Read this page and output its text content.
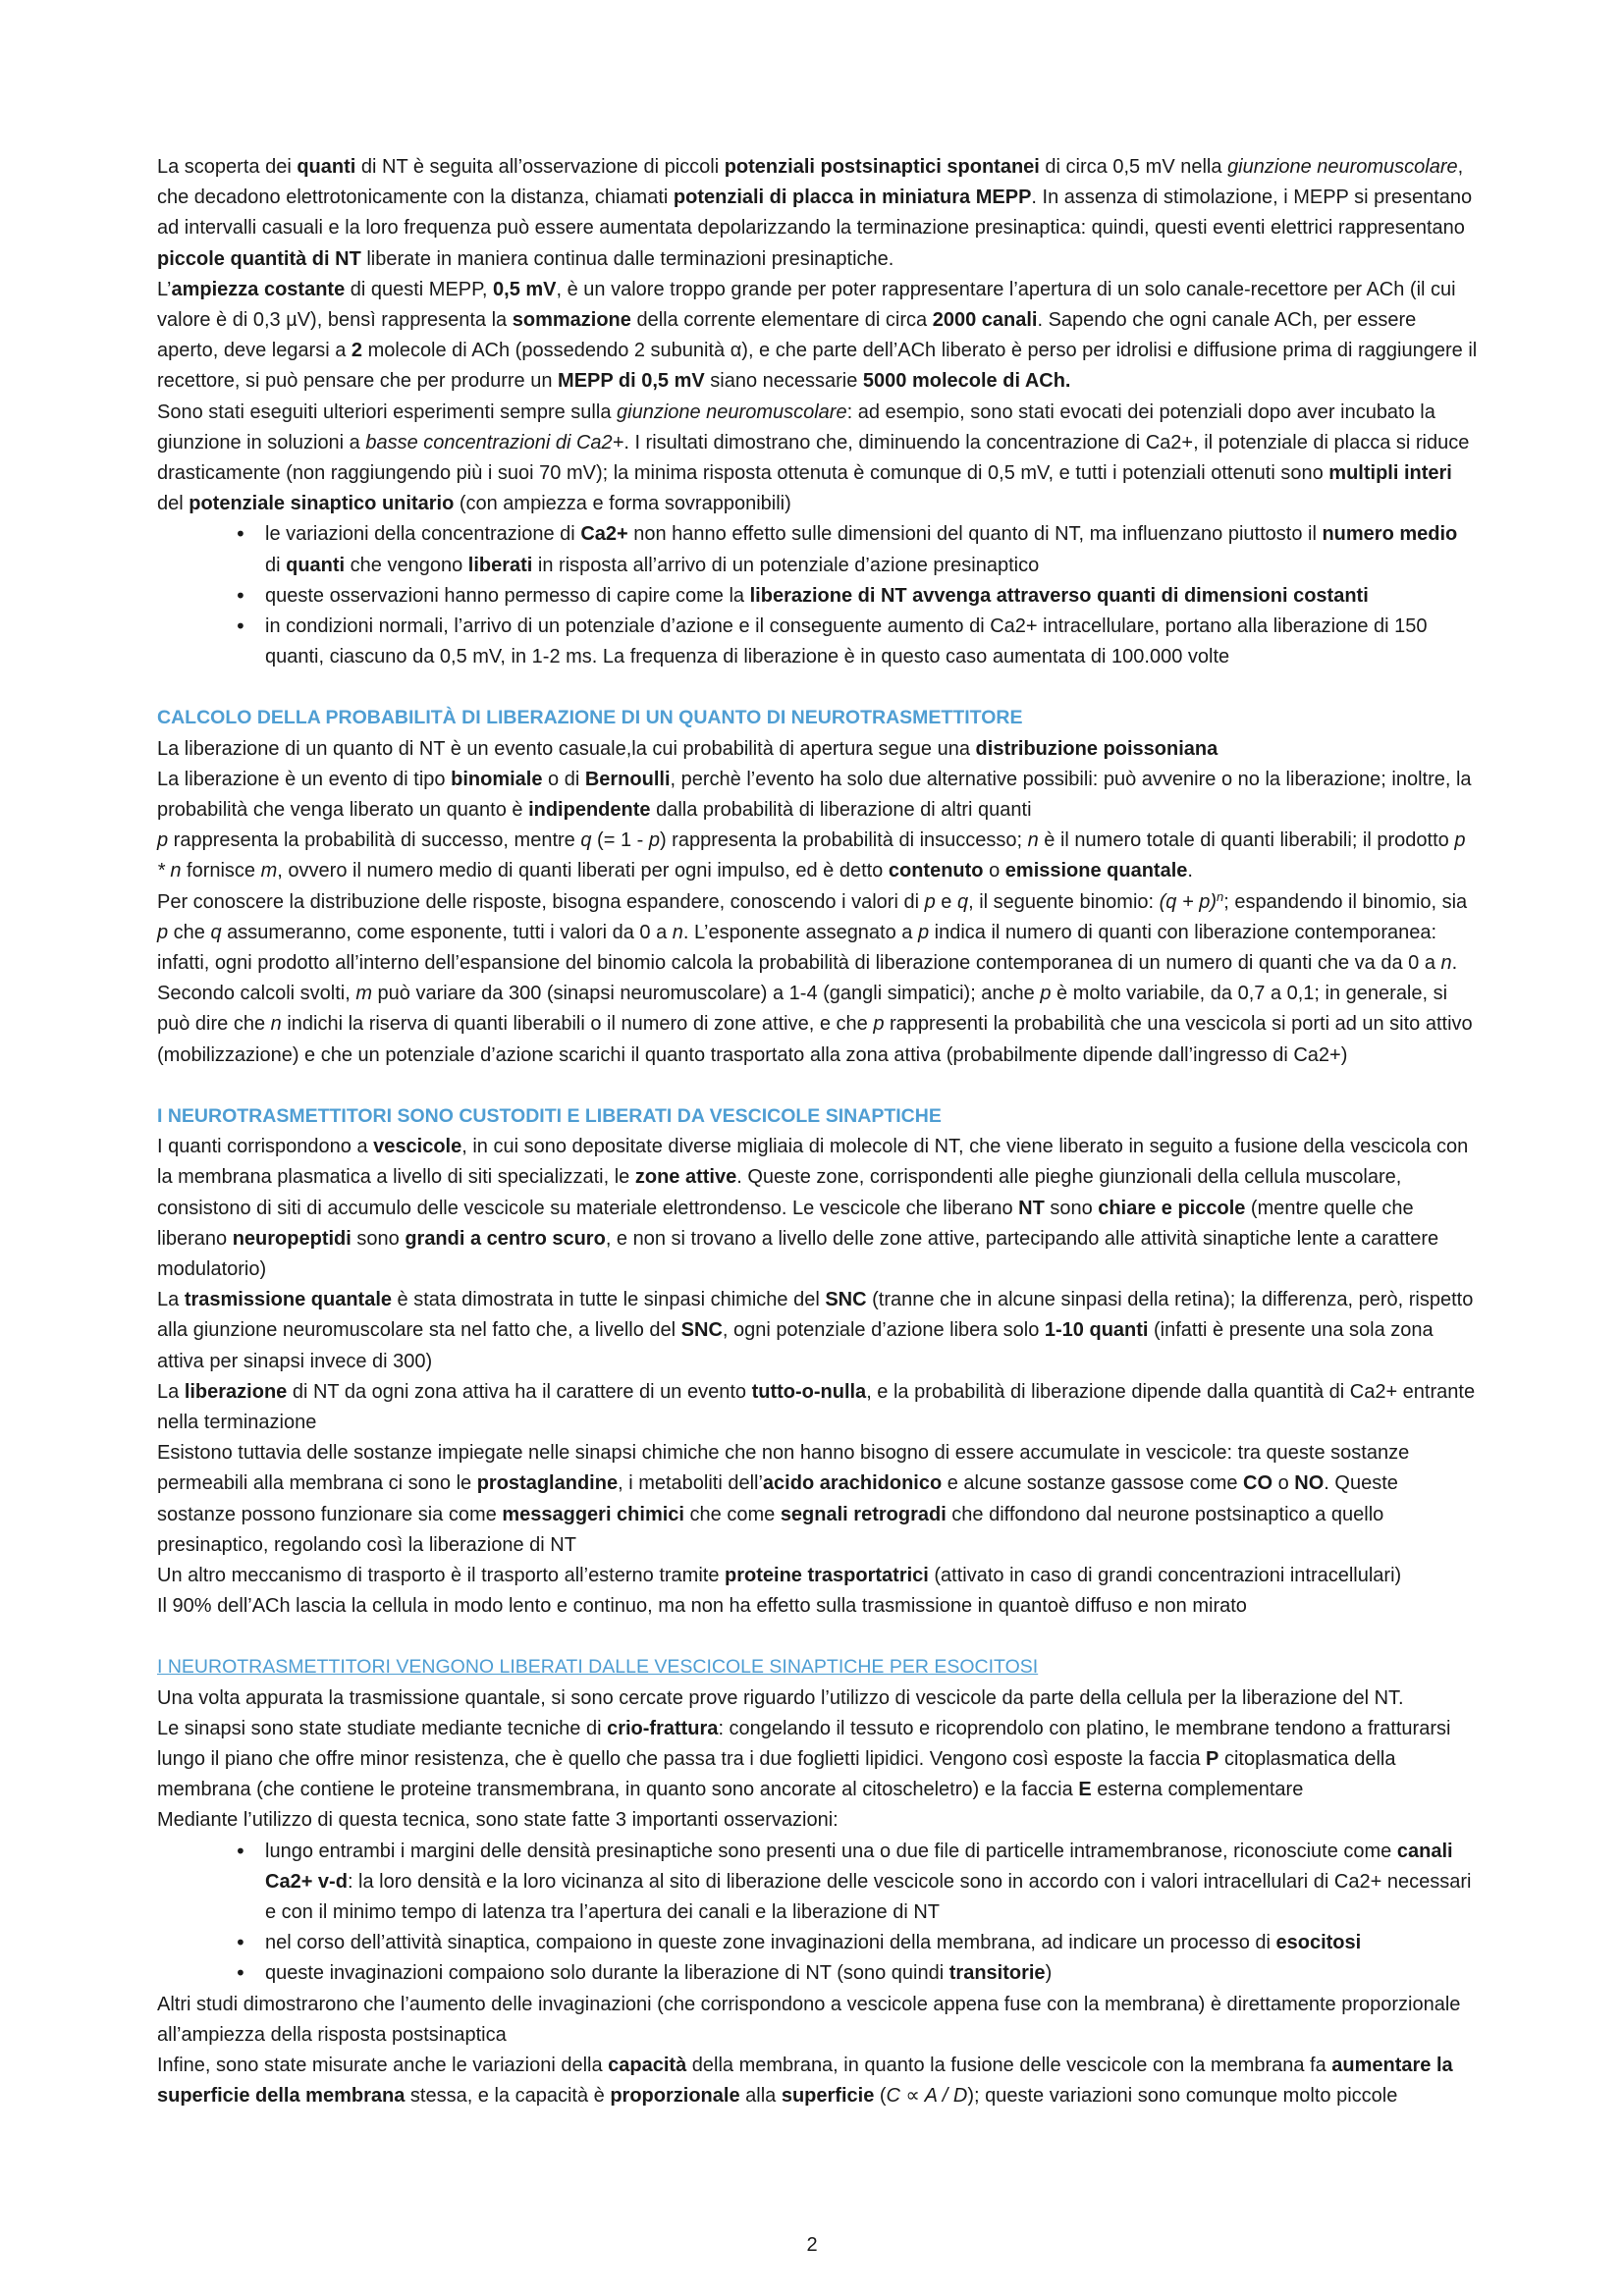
La scoperta dei quanti di NT è seguita all’osservazione di piccoli potenziali postsinaptici spontanei di circa 0,5 mV nella giunzione neuromuscolare, che decadono elettrotonicamente con la distanza, chiamati potenziali di placca in miniatura MEPP. In assenza di stimolazione, i MEPP si presentano ad intervalli casuali e la loro frequenza può essere aumentata depolarizzando la terminazione presinaptica: quindi, questi eventi elettrici rappresentano piccole quantità di NT liberate in maniera continua dalle terminazioni presinaptiche.

L’ampiezza costante di questi MEPP, 0,5 mV, è un valore troppo grande per poter rappresentare l’apertura di un solo canale-recettore per ACh (il cui valore è di 0,3 µV), bensì rappresenta la sommazione della corrente elementare di circa 2000 canali. Sapendo che ogni canale ACh, per essere aperto, deve legarsi a 2 molecole di ACh (possedendo 2 subunità α), e che parte dell’ACh liberato è perso per idrolisi e diffusione prima di raggiungere il recettore, si può pensare che per produrre un MEPP di 0,5 mV siano necessarie 5000 molecole di ACh.

Sono stati eseguiti ulteriori esperimenti sempre sulla giunzione neuromuscolare: ad esempio, sono stati evocati dei potenziali dopo aver incubato la giunzione in soluzioni a basse concentrazioni di Ca2+. I risultati dimostrano che, diminuendo la concentrazione di Ca2+, il potenziale di placca si riduce drasticamente (non raggiungendo più i suoi 70 mV); la minima risposta ottenuta è comunque di 0,5 mV, e tutti i potenziali ottenuti sono multipli interi del potenziale sinaptico unitario (con ampiezza e forma sovrapponibili)

• le variazioni della concentrazione di Ca2+ non hanno effetto sulle dimensioni del quanto di NT, ma influenzano piuttosto il numero medio di quanti che vengono liberati in risposta all’arrivo di un potenziale d’azione presinaptico
• queste osservazioni hanno permesso di capire come la liberazione di NT avvenga attraverso quanti di dimensioni costanti
• in condizioni normali, l’arrivo di un potenziale d’azione e il conseguente aumento di Ca2+ intracellulare, portano alla liberazione di 150 quanti, ciascuno da 0,5 mV, in 1-2 ms. La frequenza di liberazione è in questo caso aumentata di 100.000 volte
CALCOLO DELLA PROBABILITÀ DI LIBERAZIONE DI UN QUANTO DI NEUROTRASMETTITORE

La liberazione di un quanto di NT è un evento casuale,la cui probabilità di apertura segue una distribuzione poissoniana

La liberazione è un evento di tipo binomiale o di Bernoulli, perchè l’evento ha solo due alternative possibili: può avvenire o no la liberazione; inoltre, la probabilità che venga liberato un quanto è indipendente dalla probabilità di liberazione di altri quanti

p rappresenta la probabilità di successo, mentre q (= 1 - p) rappresenta la probabilità di insuccesso; n è il numero totale di quanti liberabili; il prodotto p * n fornisce m, ovvero il numero medio di quanti liberati per ogni impulso, ed è detto contenuto o emissione quantale.

Per conoscere la distribuzione delle risposte, bisogna espandere, conoscendo i valori di p e q, il seguente binomio: $(q + p)^n$; espandendo il binomio, sia p che q assumeranno, come esponente, tutti i valori da 0 a n. L’esponente assegnato a p indica il numero di quanti con liberazione contemporanea: infatti, ogni prodotto all’interno dell’espansione del binomio calcola la probabilità di liberazione contemporanea di un numero di quanti che va da 0 a n.

Secondo calcoli svolti, m può variare da 300 (sinapsi neuromuscolare) a 1-4 (gangli simpatici); anche p è molto variabile, da 0,7 a 0,1; in generale, si può dire che n indichi la riserva di quanti liberabili o il numero di zone attive, e che p rappresenti la probabilità che una vescicola si porti ad un sito attivo (mobilizzazione) e che un potenziale d’azione scarichi il quanto trasportato alla zona attiva (probabilmente dipende dall’ingresso di Ca2+)

I NEUROTRASMETTITORI SONO CUSTODITI E LIBERATI DA VESCICOLE SINAPTICHE

I quanti corrispondono a vescicole, in cui sono depositate diverse migliaia di molecole di NT, che viene liberato in seguito a fusione della vescicola con la membrana plasmatica a livello di siti specializzati, le zone attive. Queste zone, corrispondenti alle pieghe giunzionali della cellula muscolare, consistono di siti di accumulo delle vescicole su materiale elettrondenso. Le vescicole che liberano NT sono chiare e piccole (mentre quelle che liberano neuropeptidi sono grandi a centro scuro, e non si trovano a livello delle zone attive, partecipando alle attività sinaptiche lente a carattere modulatorio)

La trasmissione quantale è stata dimostrata in tutte le sinpasi chimiche del SNC (tranne che in alcune sinpasi della retina); la differenza, però, rispetto alla giunzione neuromuscolare sta nel fatto che, a livello del SNC, ogni potenziale d’azione libera solo 1-10 quanti (infatti è presente una sola zona attiva per sinapsi invece di 300)

La liberazione di NT da ogni zona attiva ha il carattere di un evento tutto-o-nulla, e la probabilità di liberazione dipende dalla quantità di Ca2+ entrante nella terminazione

Esistono tuttavia delle sostanze impiegate nelle sinapsi chimiche che non hanno bisogno di essere accumulate in vescicole: tra queste sostanze permeabili alla membrana ci sono le prostaglandine, i metaboliti dell’acido arachidonico e alcune sostanze gassose come CO o NO. Queste sostanze possono funzionare sia come messaggeri chimici che come segnali retrogradi che diffondono dal neurone postsinaptico a quello presinaptico, regolando così la liberazione di NT

Un altro meccanismo di trasporto è il trasporto all’esterno tramite proteine trasportatrici (attivato in caso di grandi concentrazioni intracellulari)

Il 90% dell’ACh lascia la cellula in modo lento e continuo, ma non ha effetto sulla trasmissione in quantoè diffuso e non mirato

I NEUROTRASMETTITORI VENGONO LIBERATI DALLE VESCICOLE SINAPTICHE PER ESOCITOSI

Una volta appurata la trasmissione quantale, si sono cercate prove riguardo l’utilizzo di vescicole da parte della cellula per la liberazione del NT.

Le sinapsi sono state studiate mediante tecniche di crio-frattura: congelando il tessuto e ricoprendolo con platino, le membrane tendono a fratturarsi lungo il piano che offre minor resistenza, che è quello che passa tra i due foglietti lipidici. Vengono così esposte la faccia P citoplasmatica della membrana (che contiene le proteine transmembrana, in quanto sono ancorate al citoscheletro) e la faccia E esterna complementare

Mediante l’utilizzo di questa tecnica, sono state fatte 3 importanti osservazioni:

• lungo entrambi i margini delle densità presinaptiche sono presenti una o due file di particelle intramembranose, riconosciute come canali Ca2+ v-d: la loro densità e la loro vicinanza al sito di liberazione delle vescicole sono in accordo con i valori intracellulari di Ca2+ necessari e con il minimo tempo di latenza tra l’apertura dei canali e la liberazione di NT
• nel corso dell’attività sinaptica, compaiono in queste zone invaginazioni della membrana, ad indicare un processo di esocitosi
• queste invaginazioni compaiono solo durante la liberazione di NT (sono quindi transitorie)

Altri studi dimostrarono che l’aumento delle invaginazioni (che corrispondono a vescicole appena fuse con la membrana) è direttamente proporzionale all’ampiezza della risposta postsinaptica

Infine, sono state misurate anche le variazioni della capacità della membrana, in quanto la fusione delle vescicole con la membrana fa aumentare la superficie della membrana stessa, e la capacità è proporzionale alla superficie (C ∝ A / D); queste variazioni sono comunque molto piccole

2
